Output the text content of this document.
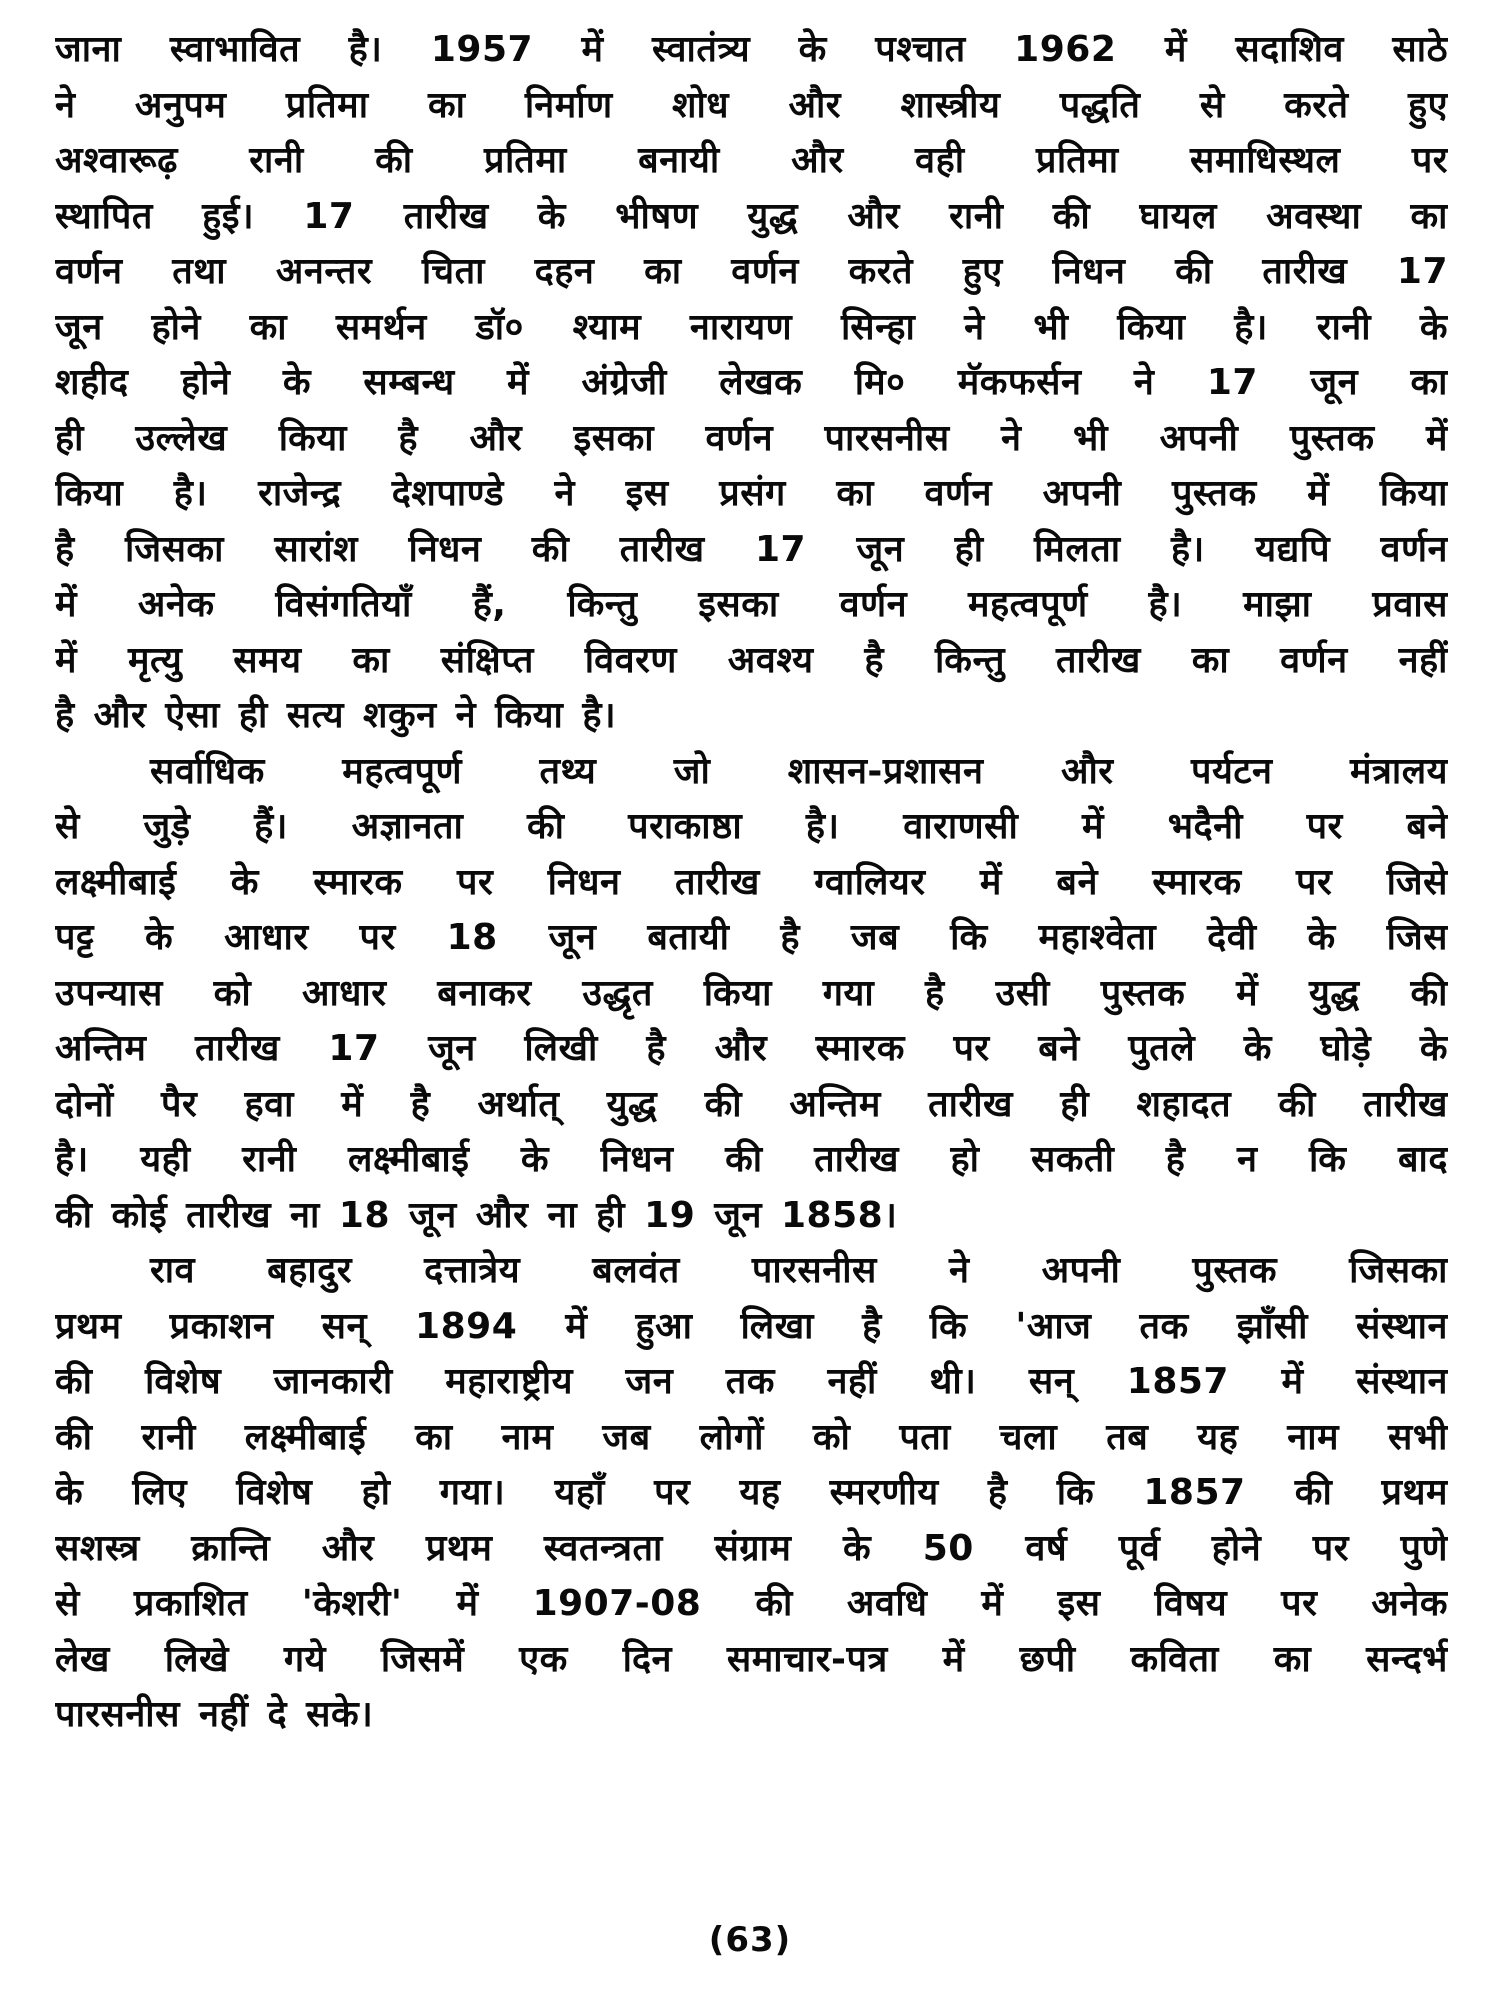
जाना स्वाभावित है। 1957 में स्वातंत्र्य के पश्चात 1962 में सदाशिव साठे
ने अनुपम प्रतिमा का निर्माण शोध और शास्त्रीय पद्धति से करते हुए
अश्वारूढ़ रानी की प्रतिमा बनायी और वही प्रतिमा समाधिस्थल पर
स्थापित हुई। 17 तारीख के भीषण युद्ध और रानी की घायल अवस्था का
वर्णन तथा अनन्तर चिता दहन का वर्णन करते हुए निधन की तारीख 17
जून होने का समर्थन डॉ० श्याम नारायण सिन्हा ने भी किया है। रानी के
शहीद होने के सम्बन्ध में अंग्रेजी लेखक मि० मॅकफर्सन ने 17 जून का
ही उल्लेख किया है और इसका वर्णन पारसनीस ने भी अपनी पुस्तक में
किया है। राजेन्द्र देशपाण्डे ने इस प्रसंग का वर्णन अपनी पुस्तक में किया
है जिसका सारांश निधन की तारीख 17 जून ही मिलता है। यद्यपि वर्णन
में अनेक विसंगतियाँ हैं, किन्तु इसका वर्णन महत्वपूर्ण है। माझा प्रवास
में मृत्यु समय का संक्षिप्त विवरण अवश्य है किन्तु तारीख का वर्णन नहीं
है और ऐसा ही सत्य शकुन ने किया है।
सर्वाधिक महत्वपूर्ण तथ्य जो शासन-प्रशासन और पर्यटन मंत्रालय
से जुड़े हैं। अज्ञानता की पराकाष्ठा है। वाराणसी में भदैनी पर बने
लक्ष्मीबाई के स्मारक पर निधन तारीख ग्वालियर में बने स्मारक पर जिसे
पट्ट के आधार पर 18 जून बतायी है जब कि महाश्वेता देवी के जिस
उपन्यास को आधार बनाकर उद्धृत किया गया है उसी पुस्तक में युद्ध की
अन्तिम तारीख 17 जून लिखी है और स्मारक पर बने पुतले के घोड़े के
दोनों पैर हवा में है अर्थात् युद्ध की अन्तिम तारीख ही शहादत की तारीख
है। यही रानी लक्ष्मीबाई के निधन की तारीख हो सकती है न कि बाद
की कोई तारीख ना 18 जून और ना ही 19 जून 1858।
राव बहादुर दत्तात्रेय बलवंत पारसनीस ने अपनी पुस्तक जिसका
प्रथम प्रकाशन सन् 1894 में हुआ लिखा है कि 'आज तक झाँसी संस्थान
की विशेष जानकारी महाराष्ट्रीय जन तक नहीं थी। सन् 1857 में संस्थान
की रानी लक्ष्मीबाई का नाम जब लोगों को पता चला तब यह नाम सभी
के लिए विशेष हो गया। यहाँ पर यह स्मरणीय है कि 1857 की प्रथम
सशस्त्र क्रान्ति और प्रथम स्वतन्त्रता संग्राम के 50 वर्ष पूर्व होने पर पुणे
से प्रकाशित 'केशरी' में 1907-08 की अवधि में इस विषय पर अनेक
लेख लिखे गये जिसमें एक दिन समाचार-पत्र में छपी कविता का सन्दर्भ
पारसनीस नहीं दे सके।
(63)
